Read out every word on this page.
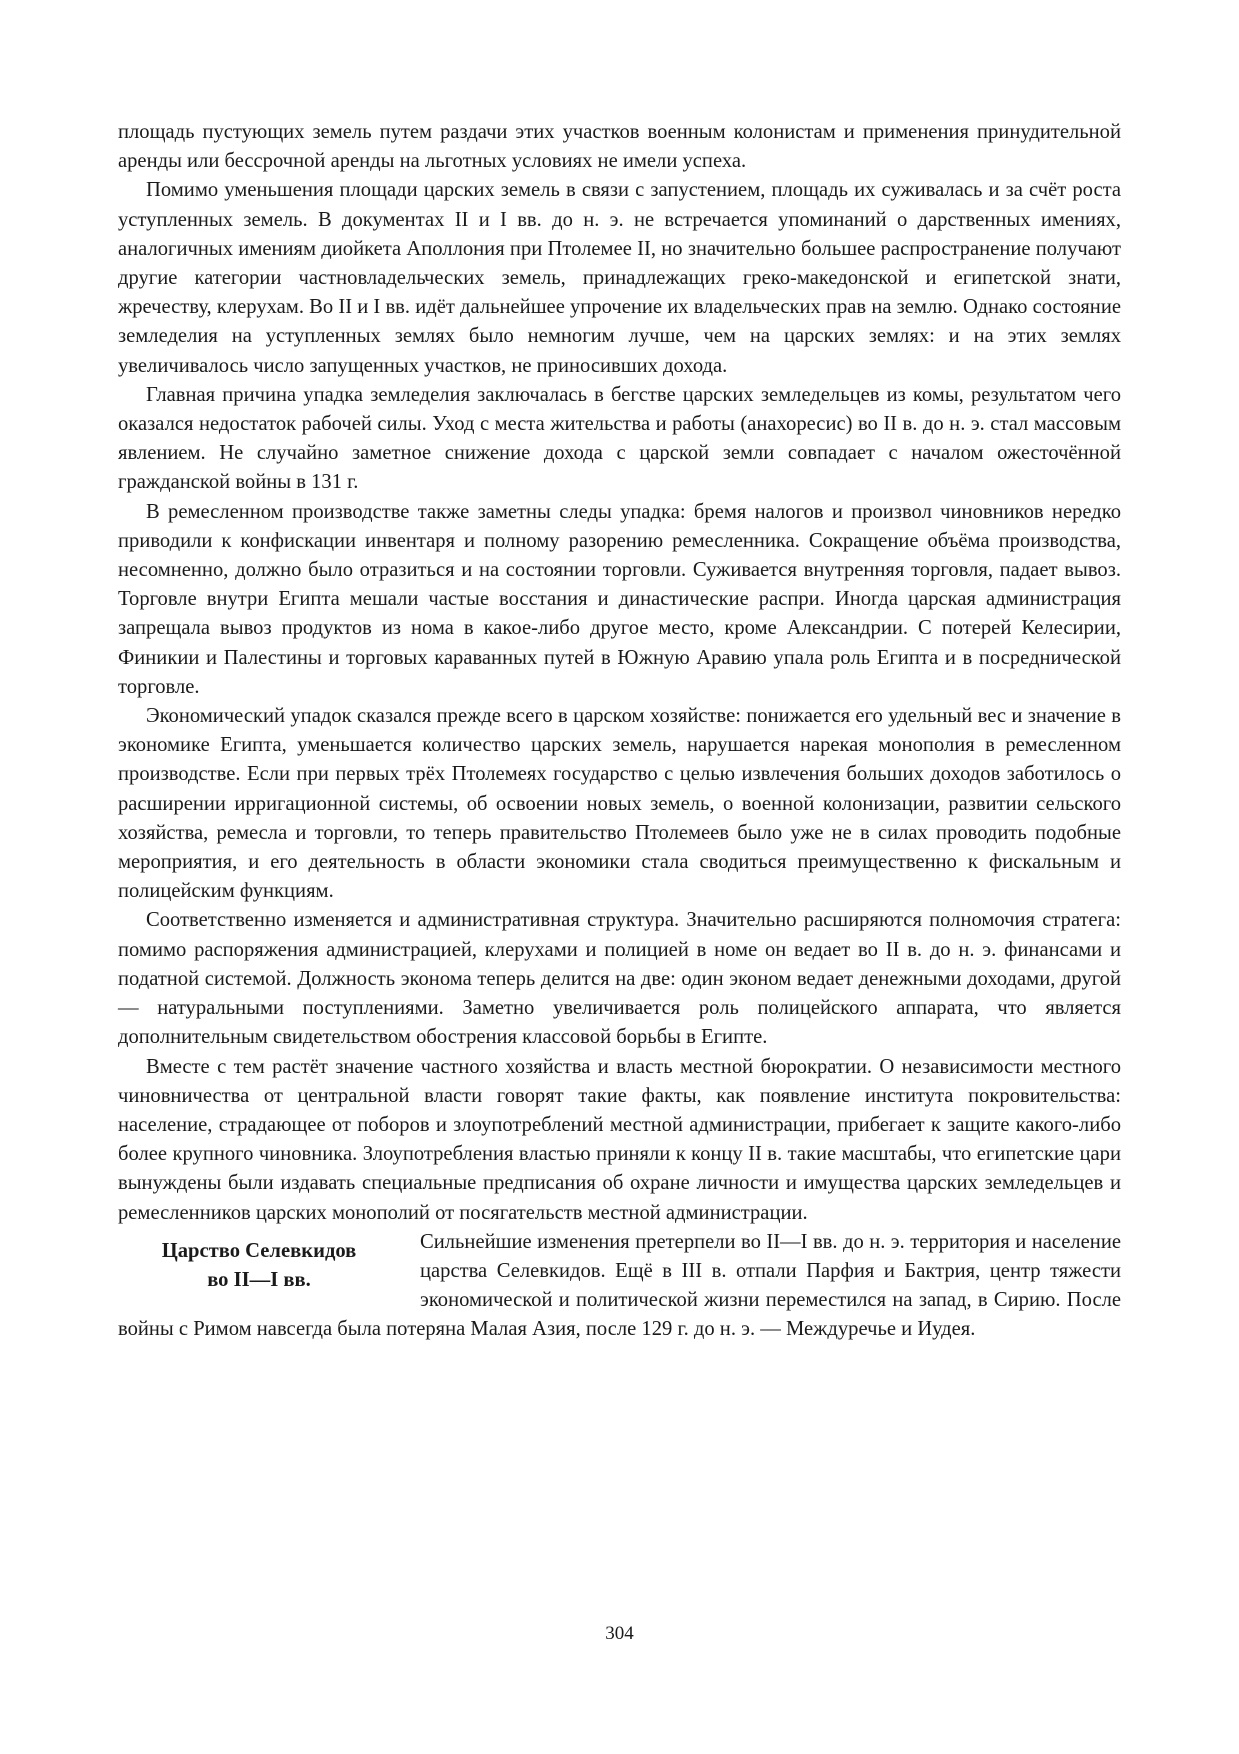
площадь пустующих земель путем раздачи этих участков военным колонистам и применения принудительной аренды или бессрочной аренды на льготных условиях не имели успеха.

Помимо уменьшения площади царских земель в связи с запустением, площадь их суживалась и за счёт роста уступленных земель. В документах II и I вв. до н. э. не встречается упоминаний о дарственных имениях, аналогичных имениям диойкета Аполлония при Птолемее II, но значительно большее распространение получают другие категории частновладельческих земель, принадлежащих греко-македонской и египетской знати, жречеству, клерухам. Во II и I вв. идёт дальнейшее упрочение их владельческих прав на землю. Однако состояние земледелия на уступленных землях было немногим лучше, чем на царских землях: и на этих землях увеличивалось число запущенных участков, не приносивших дохода.

Главная причина упадка земледелия заключалась в бегстве царских земледельцев из комы, результатом чего оказался недостаток рабочей силы. Уход с места жительства и работы (анахоресис) во II в. до н. э. стал массовым явлением. Не случайно заметное снижение дохода с царской земли совпадает с началом ожесточённой гражданской войны в 131 г.

В ремесленном производстве также заметны следы упадка: бремя налогов и произвол чиновников нередко приводили к конфискации инвентаря и полному разорению ремесленника. Сокращение объёма производства, несомненно, должно было отразиться и на состоянии торговли. Суживается внутренняя торговля, падает вывоз. Торговле внутри Египта мешали частые восстания и династические распри. Иногда царская администрация запрещала вывоз продуктов из нома в какое-либо другое место, кроме Александрии. С потерей Келесирии, Финикии и Палестины и торговых караванных путей в Южную Аравию упала роль Египта и в посреднической торговле.

Экономический упадок сказался прежде всего в царском хозяйстве: понижается его удельный вес и значение в экономике Египта, уменьшается количество царских земель, нарушается нарекая монополия в ремесленном производстве. Если при первых трёх Птолемеях государство с целью извлечения больших доходов заботилось о расширении ирригационной системы, об освоении новых земель, о военной колонизации, развитии сельского хозяйства, ремесла и торговли, то теперь правительство Птолемеев было уже не в силах проводить подобные мероприятия, и его деятельность в области экономики стала сводиться преимущественно к фискальным и полицейским функциям.

Соответственно изменяется и административная структура. Значительно расширяются полномочия стратега: помимо распоряжения администрацией, клерухами и полицией в номе он ведает во II в. до н. э. финансами и податной системой. Должность эконома теперь делится на две: один эконом ведает денежными доходами, другой— натуральными поступлениями. Заметно увеличивается роль полицейского аппарата, что является дополнительным свидетельством обострения классовой борьбы в Египте.

Вместе с тем растёт значение частного хозяйства и власть местной бюрократии. О независимости местного чиновничества от центральной власти говорят такие факты, как появление института покровительства: население, страдающее от поборов и злоупотреблений местной администрации, прибегает к защите какого-либо более крупного чиновника. Злоупотребления властью приняли к концу II в. такие масштабы, что египетские цари вынуждены были издавать специальные предписания об охране личности и имущества царских земледельцев и ремесленников царских монополий от посягательств местной администрации.

Царство Селевкидов
во II—I вв.

Сильнейшие изменения претерпели во II—I вв. до н. э. территория и население царства Селевкидов. Ещё в III в. отпали Парфия и Бактрия, центр тяжести экономической и политической жизни переместился на запад, в Сирию. После войны с Римом навсегда была потеряна Малая Азия, после 129 г. до н. э. — Междуречье и Иудея.

304
